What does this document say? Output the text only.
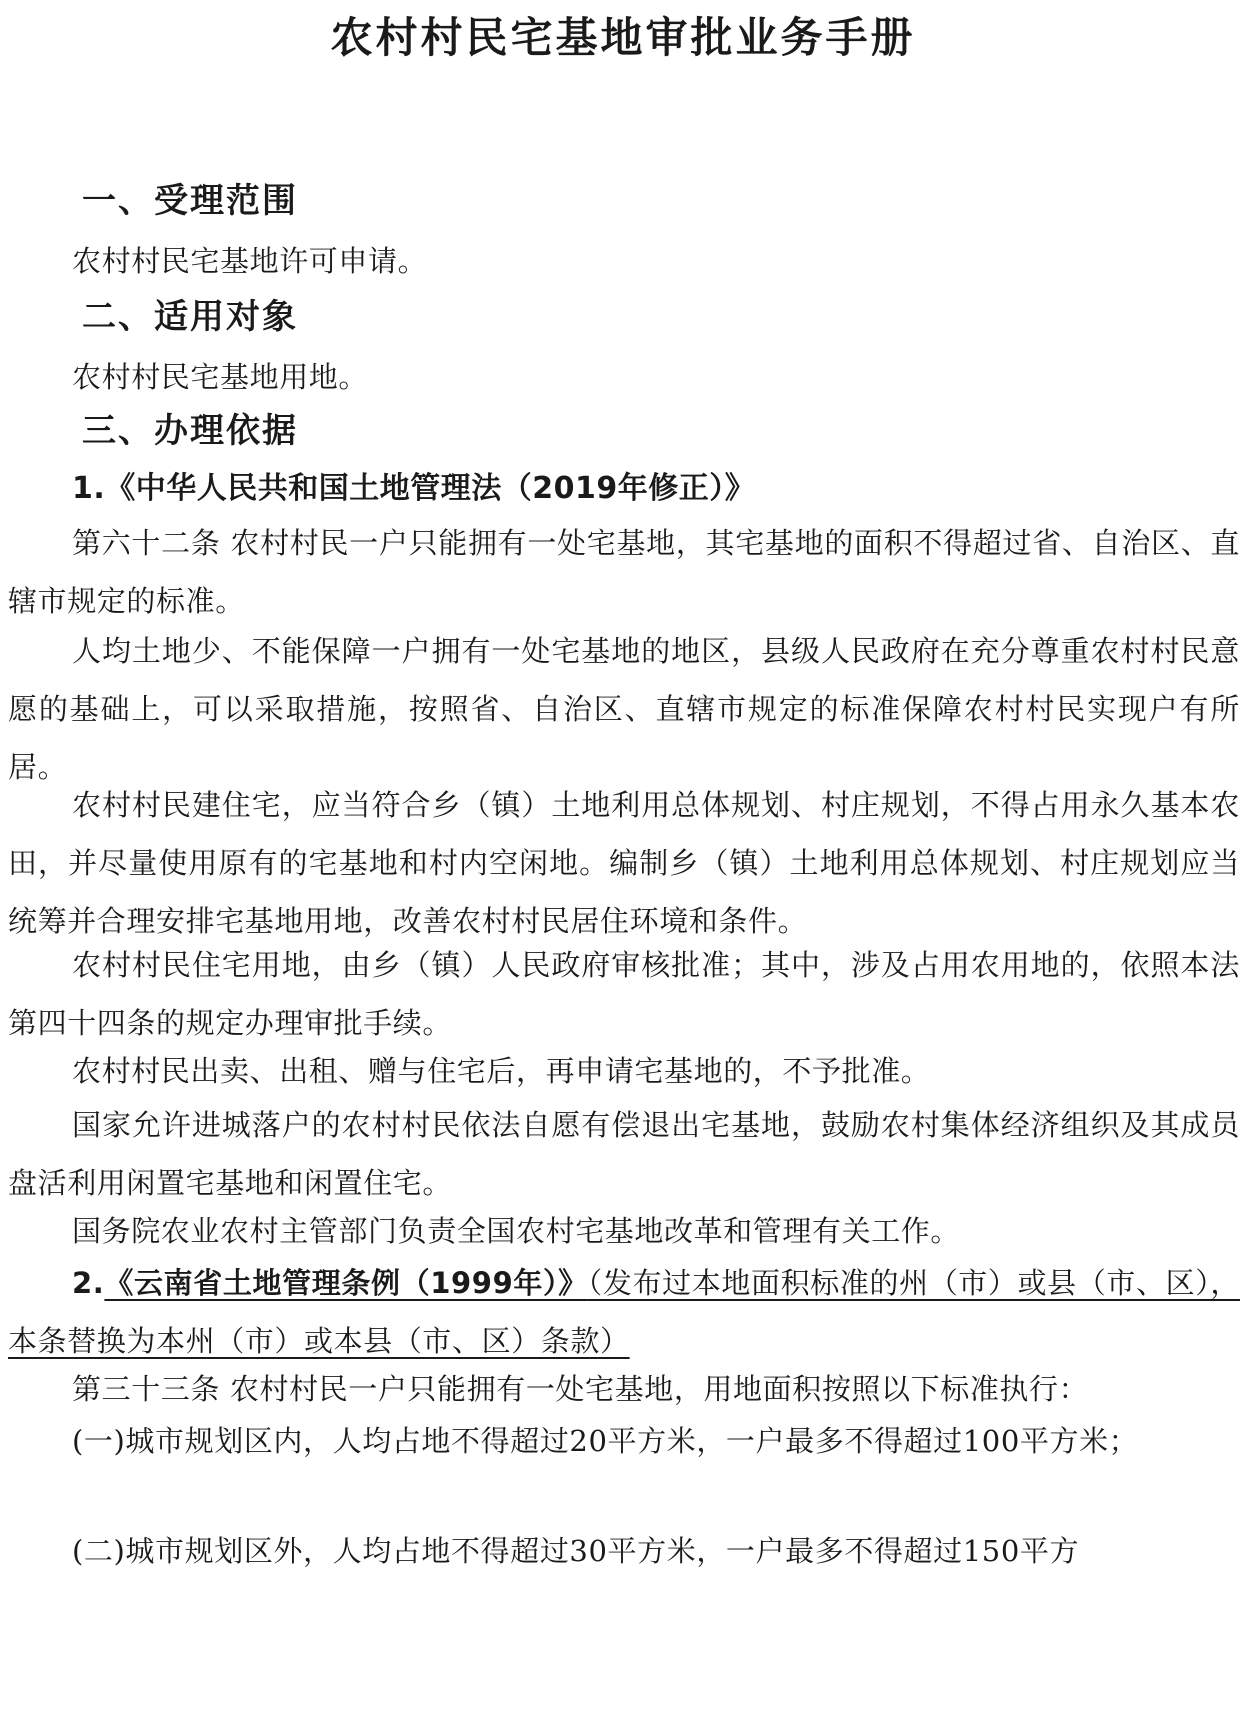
农村村民宅基地审批业务手册
一、受理范围
农村村民宅基地许可申请。
二、适用对象
农村村民宅基地用地。
三、办理依据
1.《中华人民共和国土地管理法（2019年修正）》
第六十二条 农村村民一户只能拥有一处宅基地，其宅基地的面积不得超过省、自治区、直辖市规定的标准。
人均土地少、不能保障一户拥有一处宅基地的地区，县级人民政府在充分尊重农村村民意愿的基础上，可以采取措施，按照省、自治区、直辖市规定的标准保障农村村民实现户有所居。
农村村民建住宅，应当符合乡（镇）土地利用总体规划、村庄规划，不得占用永久基本农田，并尽量使用原有的宅基地和村内空闲地。编制乡（镇）土地利用总体规划、村庄规划应当统筹并合理安排宅基地用地，改善农村村民居住环境和条件。
农村村民住宅用地，由乡（镇）人民政府审核批准；其中，涉及占用农用地的，依照本法第四十四条的规定办理审批手续。
农村村民出卖、出租、赠与住宅后，再申请宅基地的，不予批准。
国家允许进城落户的农村村民依法自愿有偿退出宅基地，鼓励农村集体经济组织及其成员盘活利用闲置宅基地和闲置住宅。
国务院农业农村主管部门负责全国农村宅基地改革和管理有关工作。
2.《云南省土地管理条例（1999年）》（发布过本地面积标准的州（市）或县（市、区），本条替换为本州（市）或本县（市、区）条款）
第三十三条 农村村民一户只能拥有一处宅基地，用地面积按照以下标准执行：
(一)城市规划区内，人均占地不得超过20平方米，一户最多不得超过100平方米；
(二)城市规划区外，人均占地不得超过30平方米，一户最多不得超过150平方
